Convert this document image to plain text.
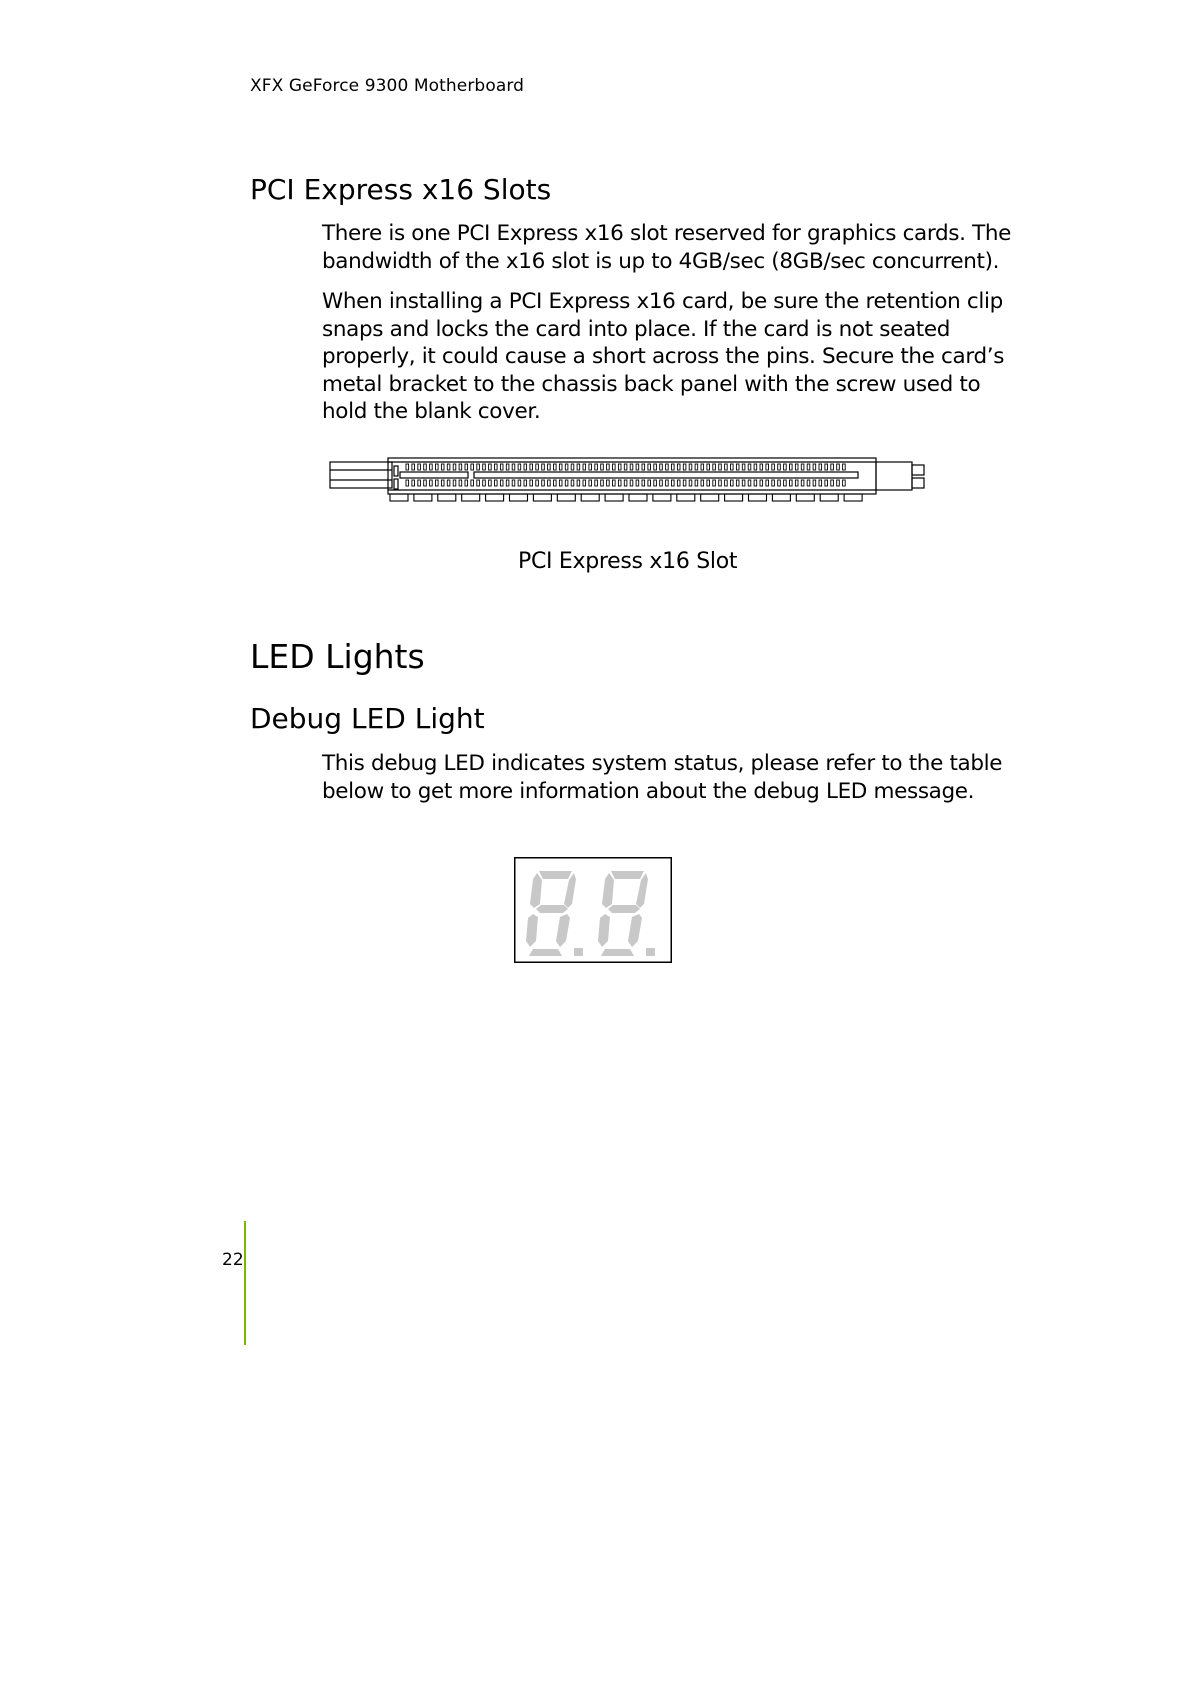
XFX GeForce 9300 Motherboard
PCI Express x16 Slots

There is one PCI Express x16 slot reserved for graphics cards. The bandwidth of the x16 slot is up to 4GB/sec (8GB/sec concurrent).

When installing a PCI Express x16 card, be sure the retention clip snaps and locks the card into place. If the card is not seated properly, it could cause a short across the pins. Secure the card’s metal bracket to the chassis back panel with the screw used to hold the blank cover.

PCI Express x16 Slot
LED Lights
Debug LED Light

This debug LED indicates system status, please refer to the table below to get more information about the debug LED message.

22
